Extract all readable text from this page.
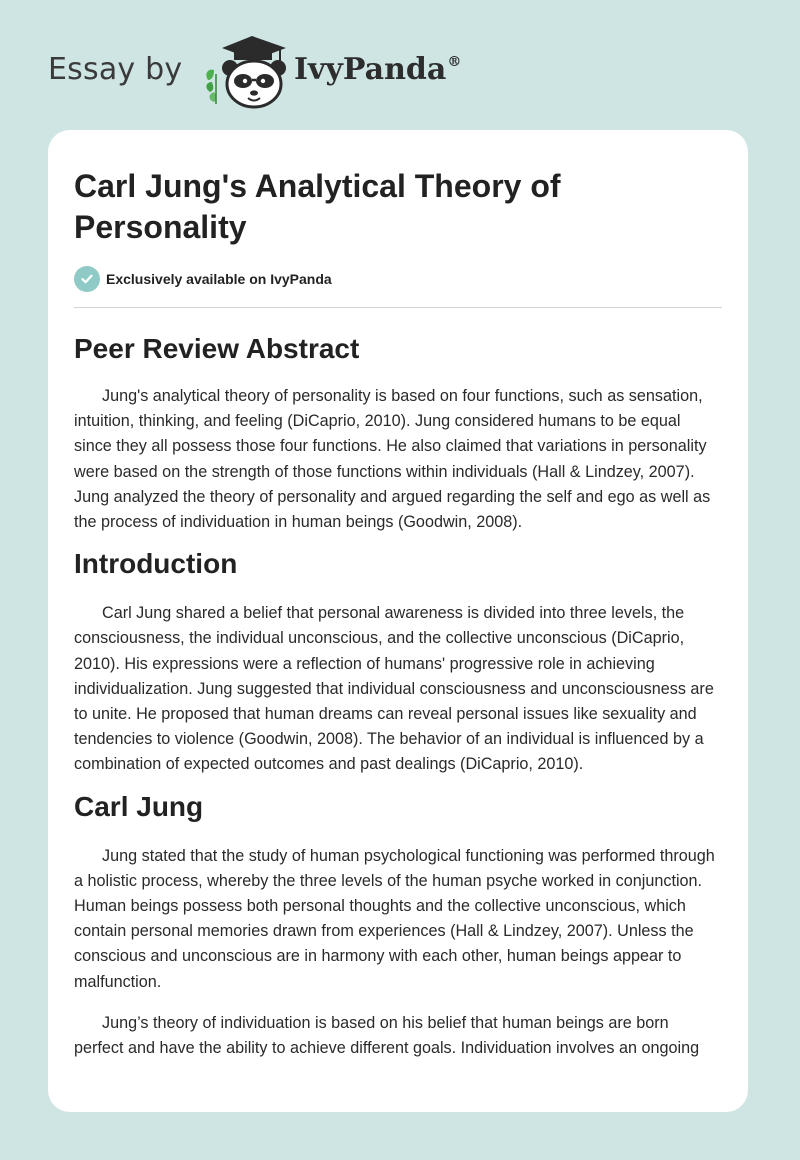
Essay by	IvyPanda®
Carl Jung's Analytical Theory of Personality
Exclusively available on IvyPanda
Peer Review Abstract

Jung's analytical theory of personality is based on four functions, such as sensation, intuition, thinking, and feeling (DiCaprio, 2010). Jung considered humans to be equal since they all possess those four functions. He also claimed that variations in personality were based on the strength of those functions within individuals (Hall & Lindzey, 2007). Jung analyzed the theory of personality and argued regarding the self and ego as well as the process of individuation in human beings (Goodwin, 2008).

Introduction

Carl Jung shared a belief that personal awareness is divided into three levels, the consciousness, the individual unconscious, and the collective unconscious (DiCaprio, 2010). His expressions were a reflection of humans' progressive role in achieving individualization. Jung suggested that individual consciousness and unconsciousness are to unite. He proposed that human dreams can reveal personal issues like sexuality and tendencies to violence (Goodwin, 2008). The behavior of an individual is influenced by a combination of expected outcomes and past dealings (DiCaprio, 2010).

Carl Jung

Jung stated that the study of human psychological functioning was performed through a holistic process, whereby the three levels of the human psyche worked in conjunction. Human beings possess both personal thoughts and the collective unconscious, which contain personal memories drawn from experiences (Hall & Lindzey, 2007). Unless the conscious and unconscious are in harmony with each other, human beings appear to malfunction.

Jung’s theory of individuation is based on his belief that human beings are born perfect and have the ability to achieve different goals. Individuation involves an ongoing
